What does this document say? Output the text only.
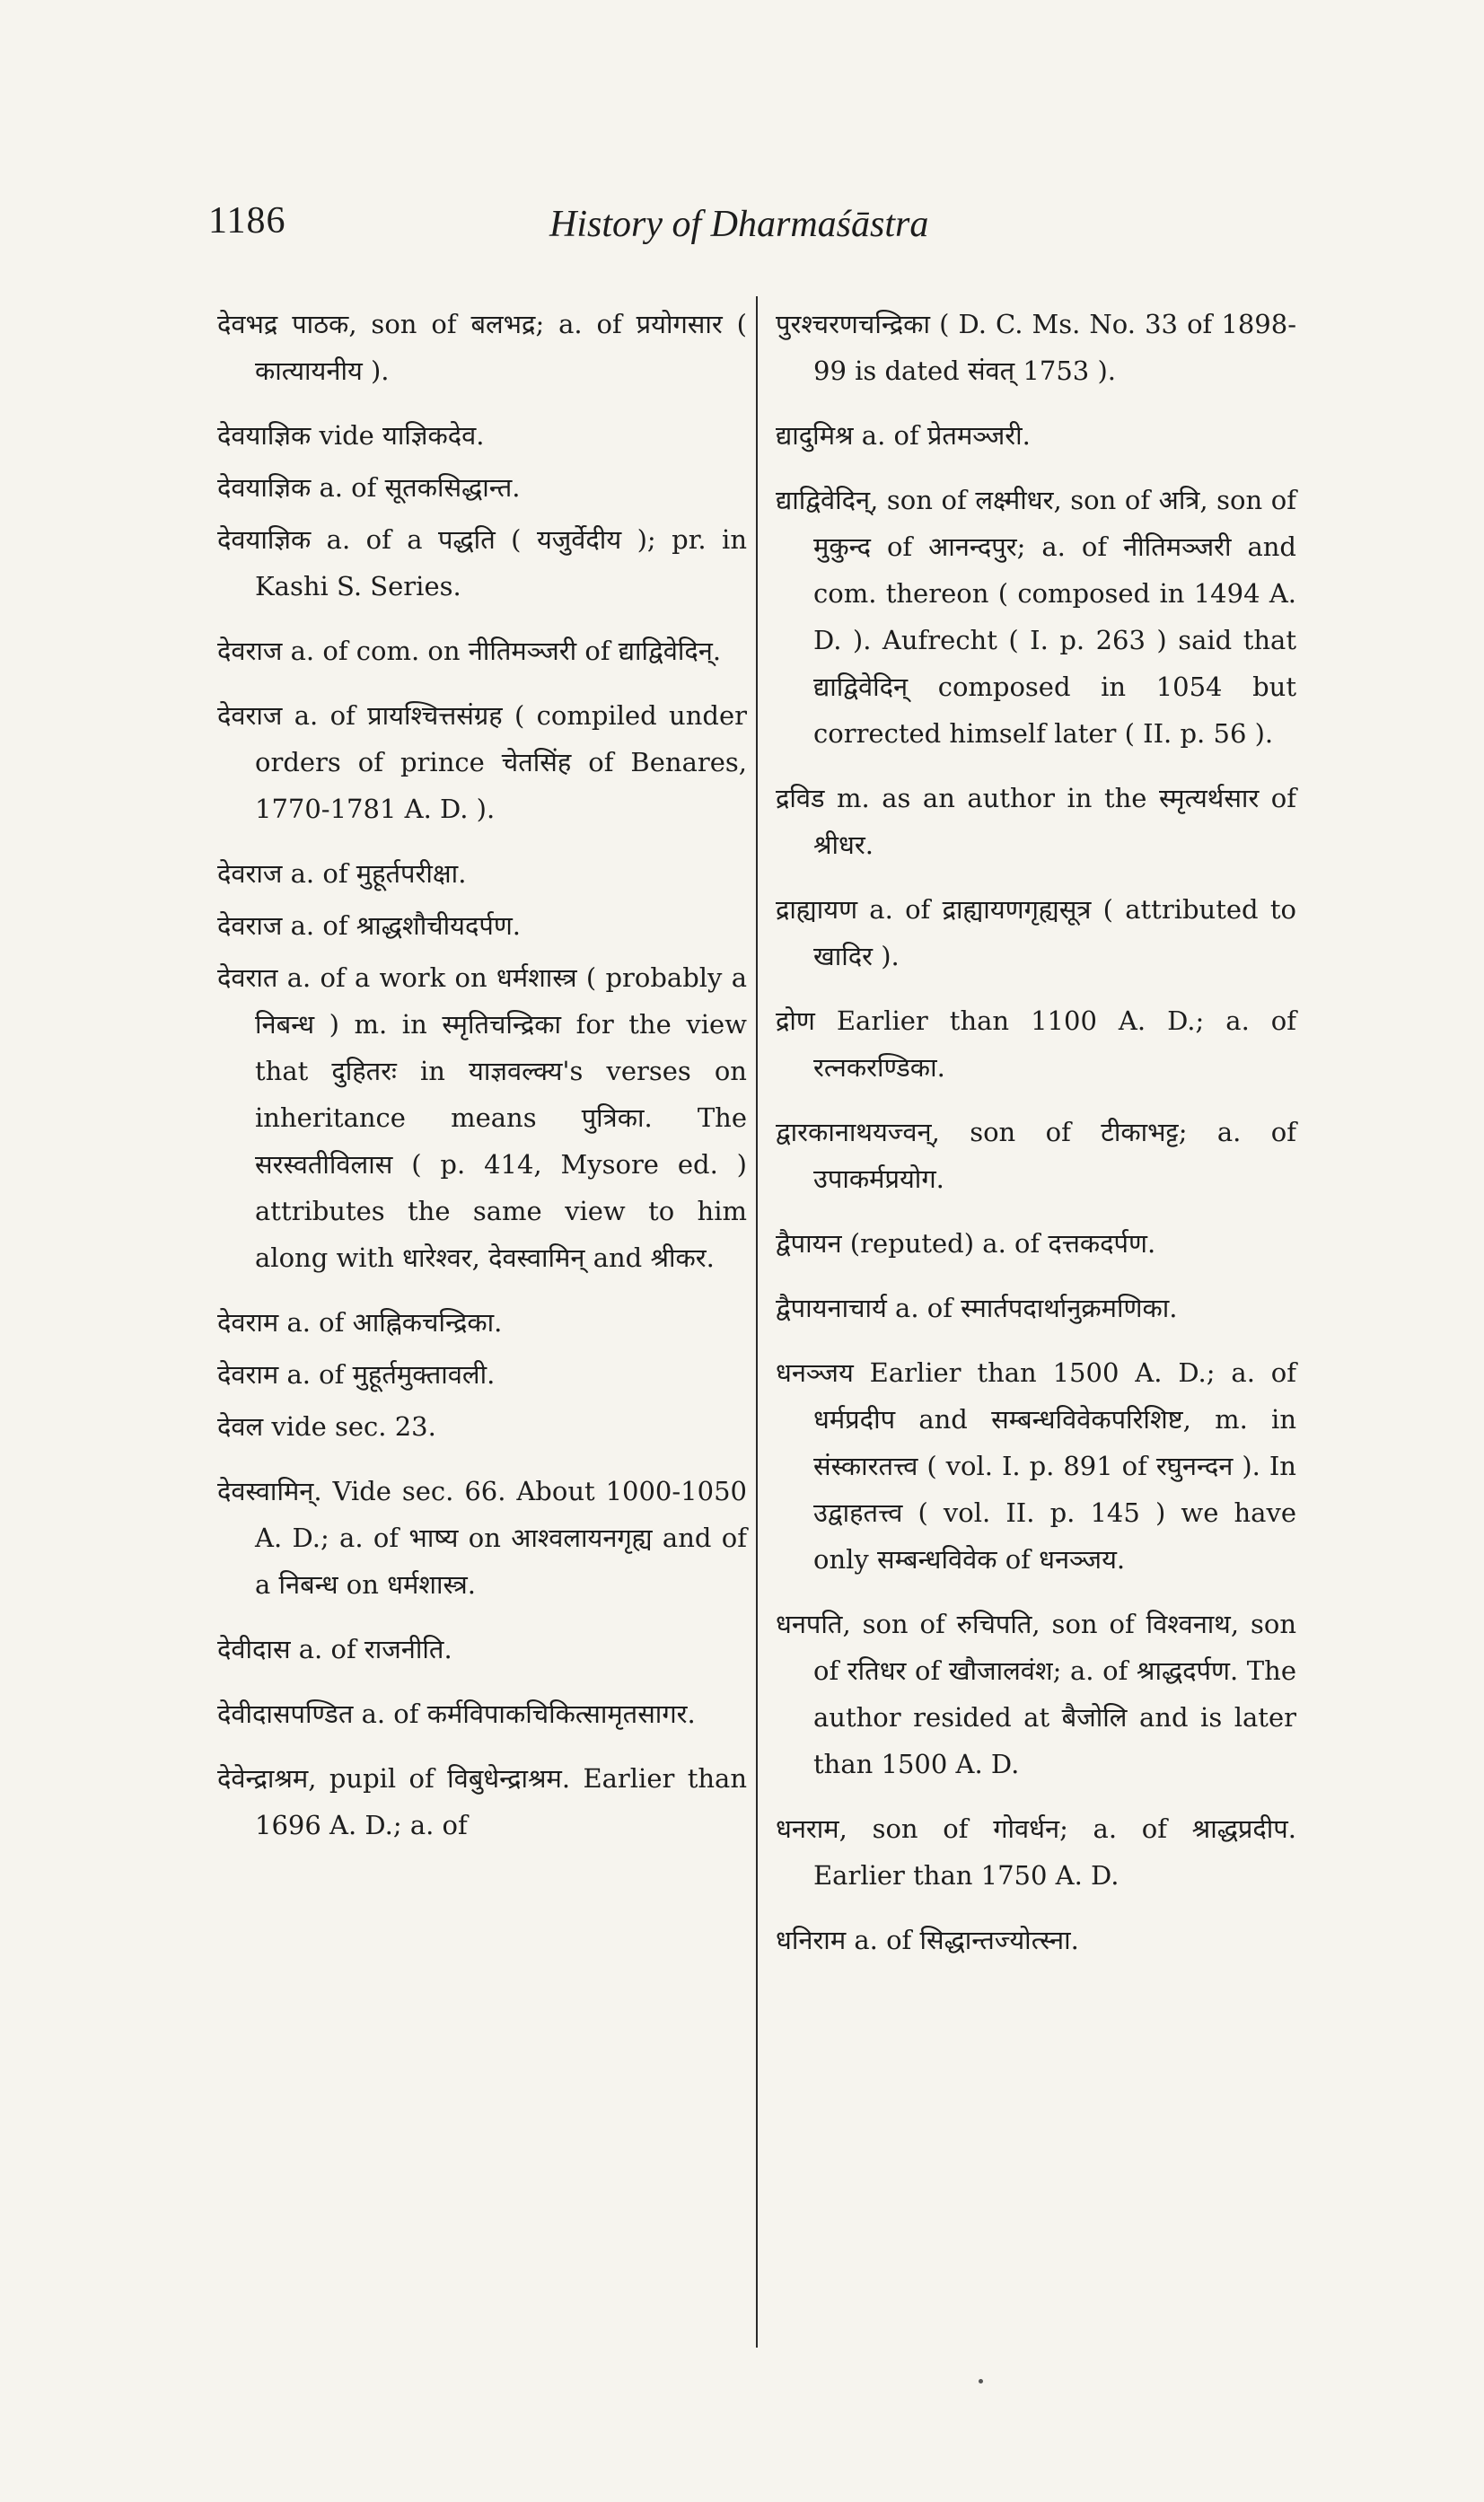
1186	History of Dharmaśāstra

देवभद्र पाठक, son of बलभद्र; a. of प्रयोगसार ( कात्यायनीय ).

देवयाज्ञिक vide याज्ञिकदेव.

देवयाज्ञिक a. of सूतकसिद्धान्त.

देवयाज्ञिक a. of a पद्धति ( यजुर्वेदीय ); pr. in Kashi S. Series.

देवराज a. of com. on नीतिमञ्जरी of द्याद्विवेदिन्.

देवराज a. of प्रायश्चित्तसंग्रह ( compiled under orders of prince चेतसिंह of Benares, 1770-1781 A. D. ).

देवराज a. of मुहूर्तपरीक्षा.

देवराज a. of श्राद्धशौचीयदर्पण.

देवरात a. of a work on धर्मशास्त्र ( probably a निबन्ध ) m. in स्मृतिचन्द्रिका for the view that दुहितरः in याज्ञवल्क्य's verses on inheritance means पुत्रिका. The सरस्वतीविलास ( p. 414, Mysore ed. ) attributes the same view to him along with धारेश्वर, देवस्वामिन् and श्रीकर.

देवराम a. of आह्निकचन्द्रिका.

देवराम a. of मुहूर्तमुक्तावली.

देवल vide sec. 23.

देवस्वामिन्. Vide sec. 66. About 1000-1050 A. D.; a. of भाष्य on आश्वलायनगृह्य and of a निबन्ध on धर्मशास्त्र.

देवीदास a. of राजनीति.

देवीदासपण्डित a. of कर्मविपाकचिकित्सामृतसागर.

देवेन्द्राश्रम, pupil of विबुधेन्द्राश्रम. Earlier than 1696 A. D.; a. of

पुरश्चरणचन्द्रिका ( D. C. Ms. No. 33 of 1898-99 is dated संवत् 1753 ).

द्यादुमिश्र a. of प्रेतमञ्जरी.

द्याद्विवेदिन्, son of लक्ष्मीधर, son of अत्रि, son of मुकुन्द of आनन्दपुर; a. of नीतिमञ्जरी and com. thereon ( composed in 1494 A. D. ). Aufrecht ( I. p. 263 ) said that द्याद्विवेदिन् composed in 1054 but corrected himself later ( II. p. 56 ).

द्रविड m. as an author in the स्मृत्यर्थसार of श्रीधर.

द्राह्यायण a. of द्राह्यायणगृह्यसूत्र ( attributed to खादिर ).

द्रोण Earlier than 1100 A. D.; a. of रत्नकरण्डिका.

द्वारकानाथयज्वन्, son of टीकाभट्ट; a. of उपाकर्मप्रयोग.

द्वैपायन (reputed) a. of दत्तकदर्पण.

द्वैपायनाचार्य a. of स्मार्तपदार्थानुक्रमणिका.

धनञ्जय Earlier than 1500 A. D.; a. of धर्मप्रदीप and सम्बन्धविवेकपरिशिष्ट, m. in संस्कारतत्त्व ( vol. I. p. 891 of रघुनन्दन ). In उद्वाहतत्त्व ( vol. II. p. 145 ) we have only सम्बन्धविवेक of धनञ्जय.

धनपति, son of रुचिपति, son of विश्वनाथ, son of रतिधर of खौजालवंश; a. of श्राद्धदर्पण. The author resided at बैजोलि and is later than 1500 A. D.

धनराम, son of गोवर्धन; a. of श्राद्धप्रदीप. Earlier than 1750 A. D.

धनिराम a. of सिद्धान्तज्योत्स्ना.
